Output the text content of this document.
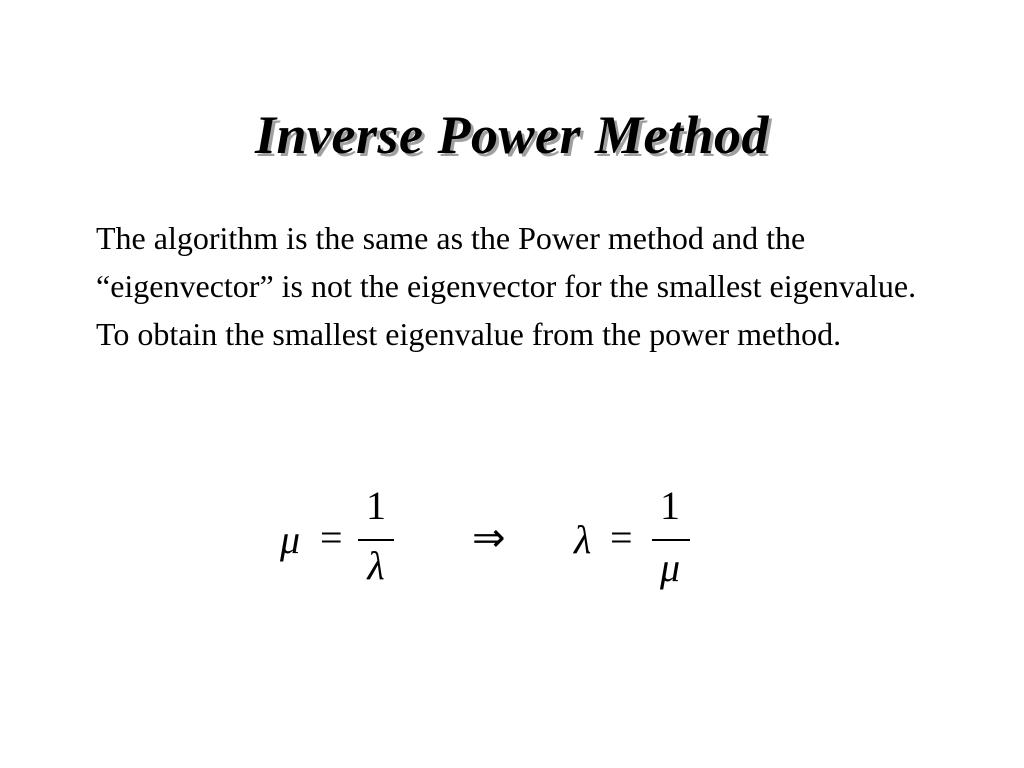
Inverse Power Method

The algorithm is the same as the Power method and the “eigenvector” is not the eigenvector for the smallest eigenvalue.   To obtain the smallest eigenvalue from the power method.

μ =
1
λ
⇒ λ =
1
μ
